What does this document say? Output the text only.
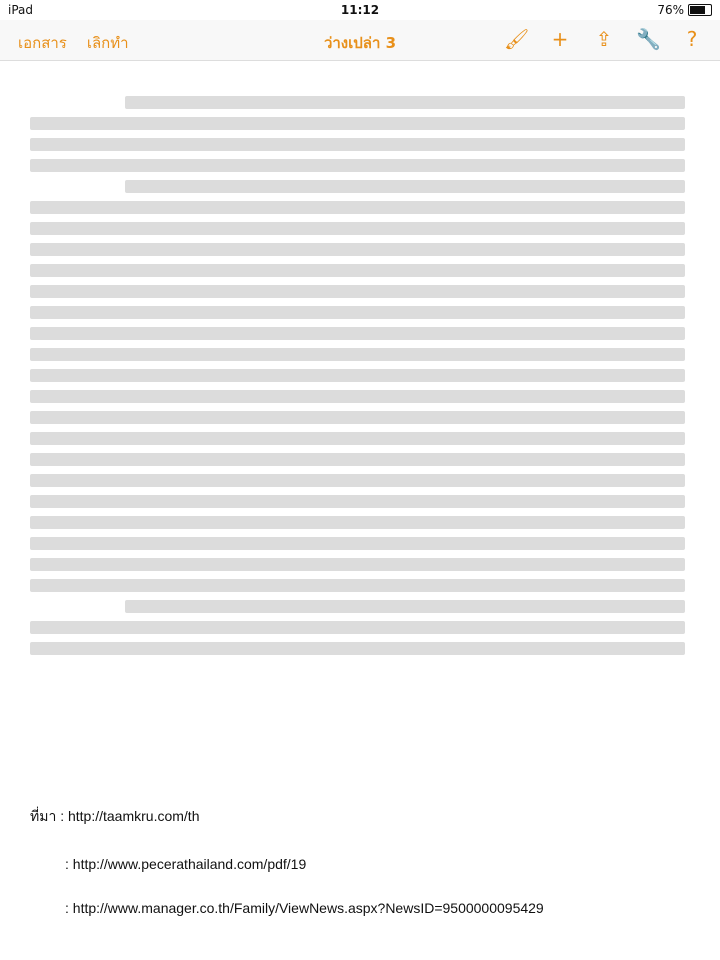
iPad	11:12	76%
เอกสาร เลิกทำ	ว่างเปล่า 3	🖌 + ⇪ 🔧	?
ที่มา : http://taamkru.com/th
: http://www.pecerathailand.com/pdf/19
: http://www.manager.co.th/Family/ViewNews.aspx?NewsID=9500000095429
